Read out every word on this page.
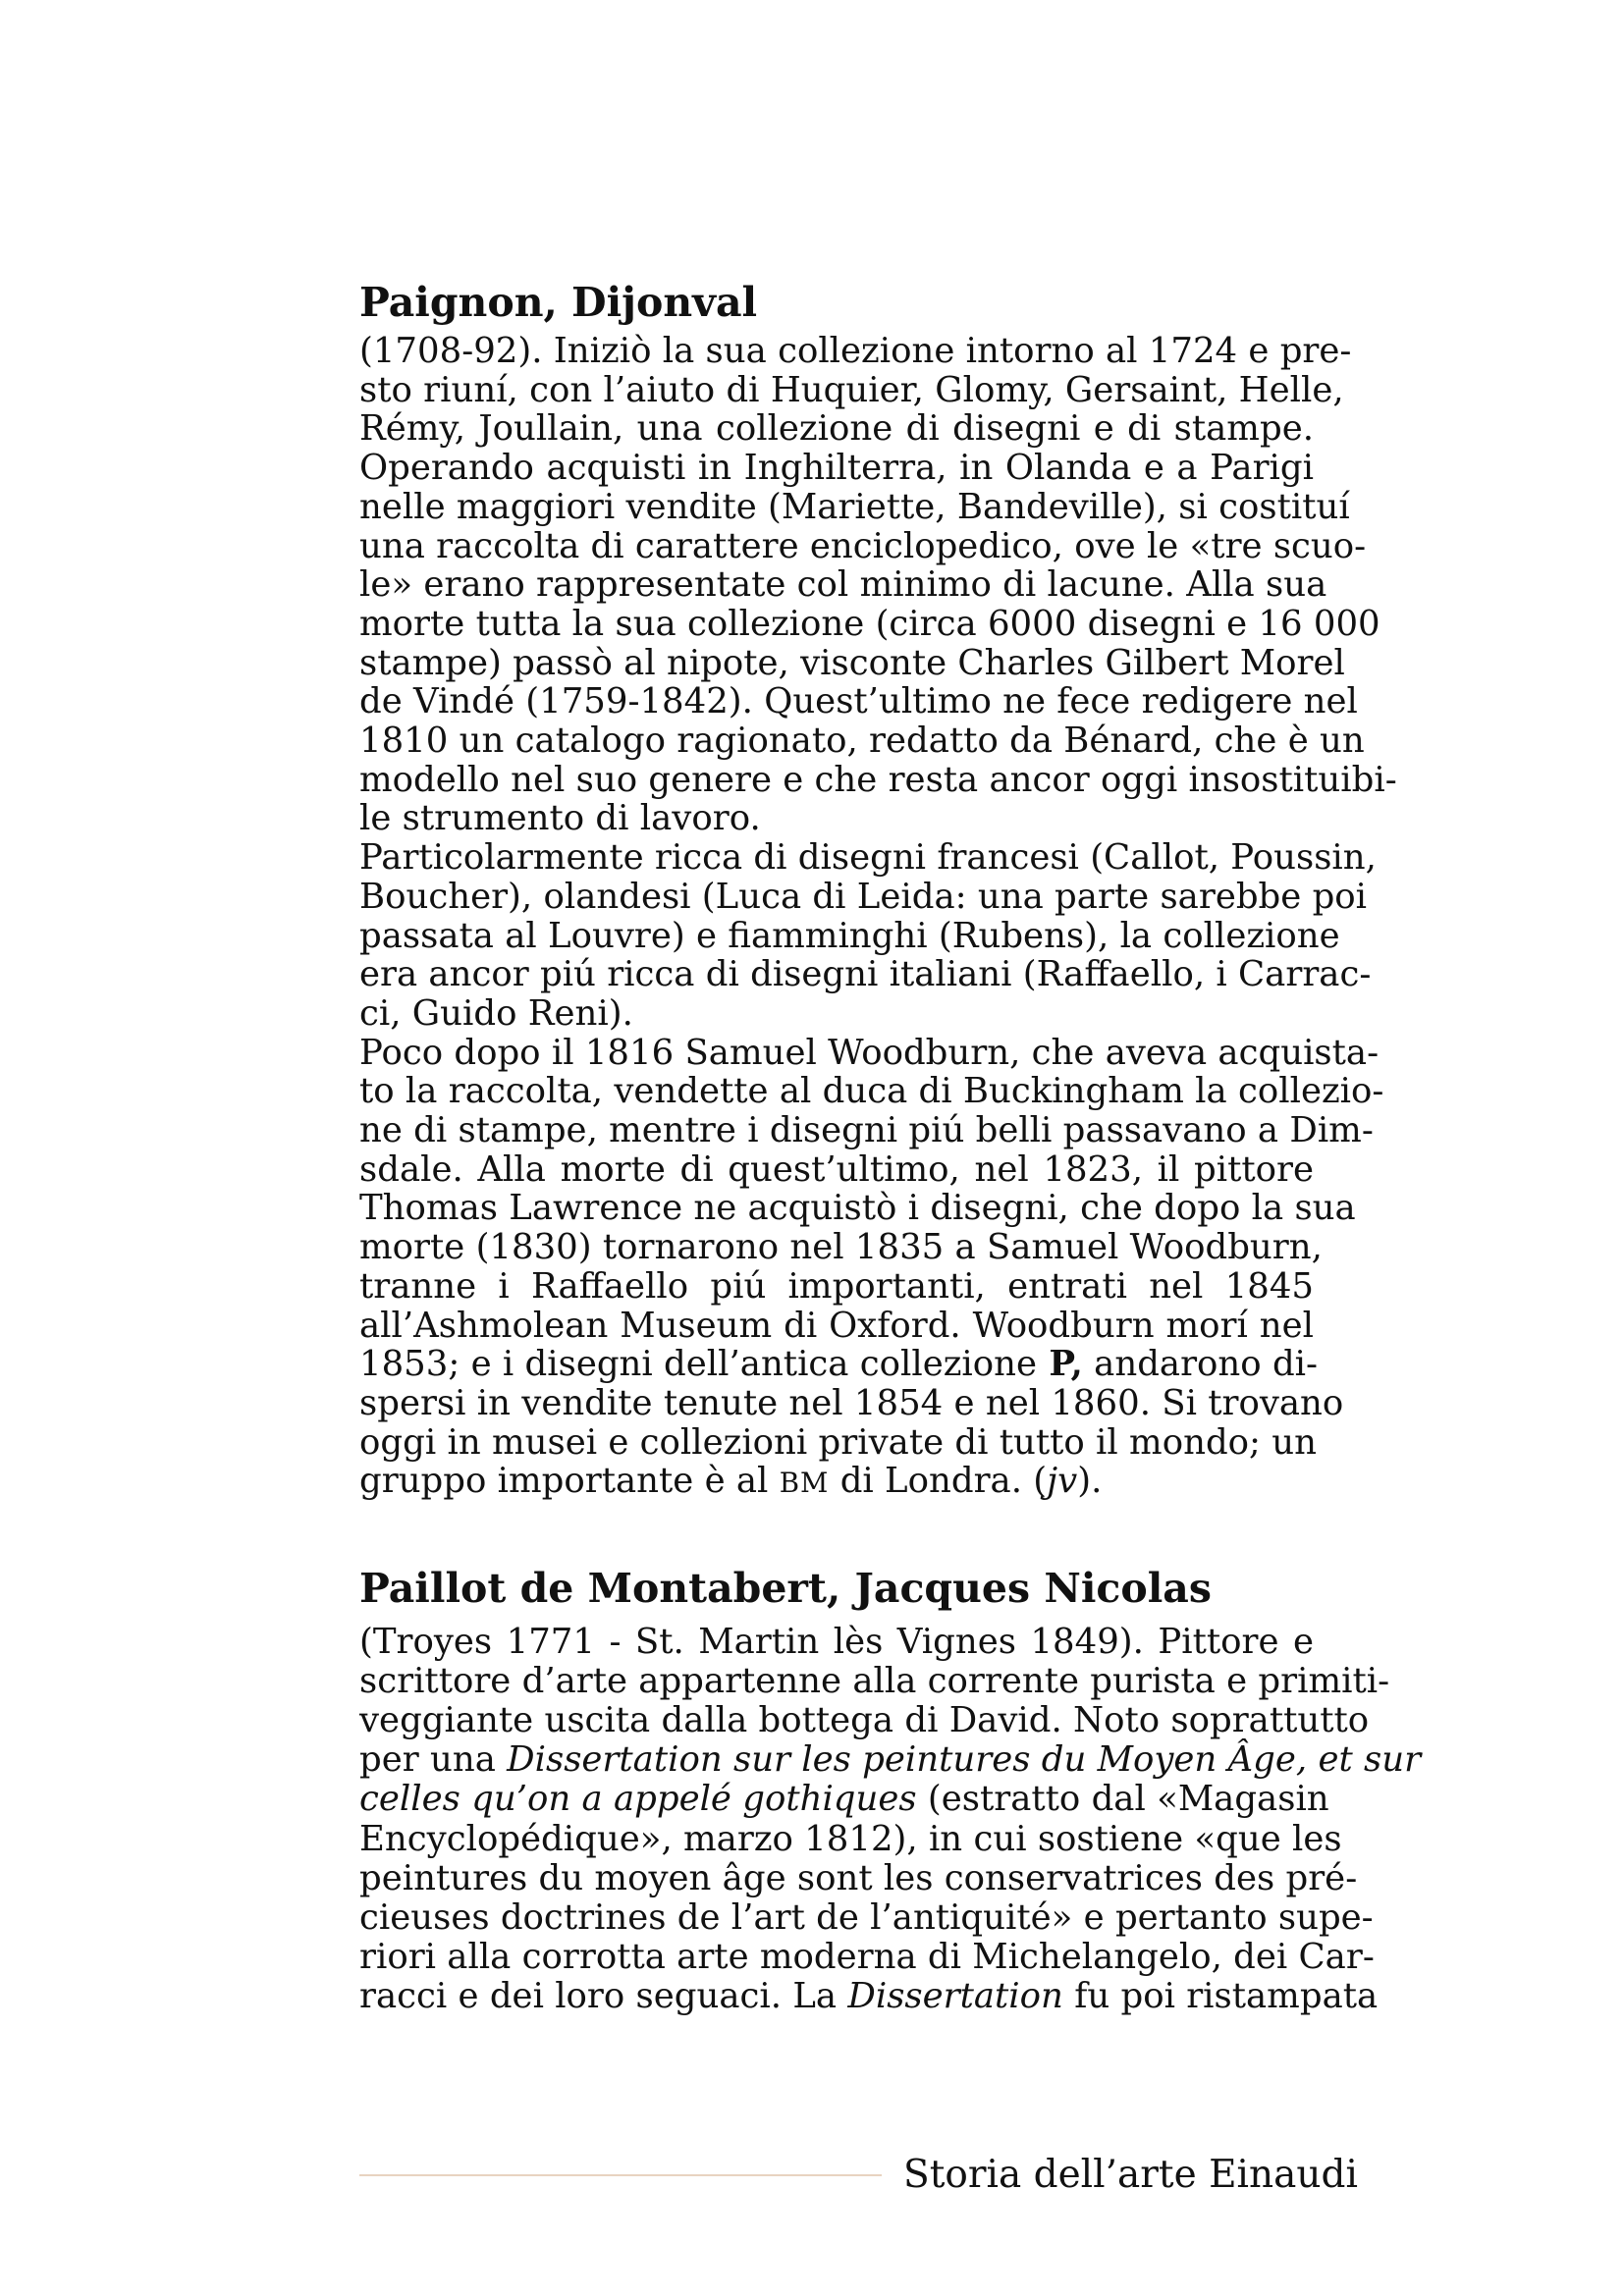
Paignon, Dijonval
(1708-92). Iniziò la sua collezione intorno al 1724 e pre-
sto riuní, con l’aiuto di Huquier, Glomy, Gersaint, Helle,
Rémy, Joullain, una collezione di disegni e di stampe.
Operando acquisti in Inghilterra, in Olanda e a Parigi
nelle maggiori vendite (Mariette, Bandeville), si costituí
una raccolta di carattere enciclopedico, ove le «tre scuo-
le» erano rappresentate col minimo di lacune. Alla sua
morte tutta la sua collezione (circa 6000 disegni e 16 000
stampe) passò al nipote, visconte Charles Gilbert Morel
de Vindé (1759-1842). Quest’ultimo ne fece redigere nel
1810 un catalogo ragionato, redatto da Bénard, che è un
modello nel suo genere e che resta ancor oggi insostituibi-
le strumento di lavoro.
Particolarmente ricca di disegni francesi (Callot, Poussin,
Boucher), olandesi (Luca di Leida: una parte sarebbe poi
passata al Louvre) e fiamminghi (Rubens), la collezione
era ancor piú ricca di disegni italiani (Raffaello, i Carrac-
ci, Guido Reni).
Poco dopo il 1816 Samuel Woodburn, che aveva acquista-
to la raccolta, vendette al duca di Buckingham la collezio-
ne di stampe, mentre i disegni piú belli passavano a Dim-
sdale. Alla morte di quest’ultimo, nel 1823, il pittore
Thomas Lawrence ne acquistò i disegni, che dopo la sua
morte (1830) tornarono nel 1835 a Samuel Woodburn,
tranne i Raffaello piú importanti, entrati nel 1845
all’Ashmolean Museum di Oxford. Woodburn morí nel
1853; e i disegni dell’antica collezione P, andarono di-
spersi in vendite tenute nel 1854 e nel 1860. Si trovano
oggi in musei e collezioni private di tutto il mondo; un
gruppo importante è al BM di Londra. (jv).
Paillot de Montabert, Jacques Nicolas
(Troyes 1771 - St. Martin lès Vignes 1849). Pittore e
scrittore d’arte appartenne alla corrente purista e primiti-
veggiante uscita dalla bottega di David. Noto soprattutto
per una Dissertation sur les peintures du Moyen Âge, et sur
celles qu’on a appelé gothiques (estratto dal «Magasin
Encyclopédique», marzo 1812), in cui sostiene «que les
peintures du moyen âge sont les conservatrices des pré-
cieuses doctrines de l’art de l’antiquité» e pertanto supe-
riori alla corrotta arte moderna di Michelangelo, dei Car-
racci e dei loro seguaci. La Dissertation fu poi ristampata
Storia dell’arte Einaudi
